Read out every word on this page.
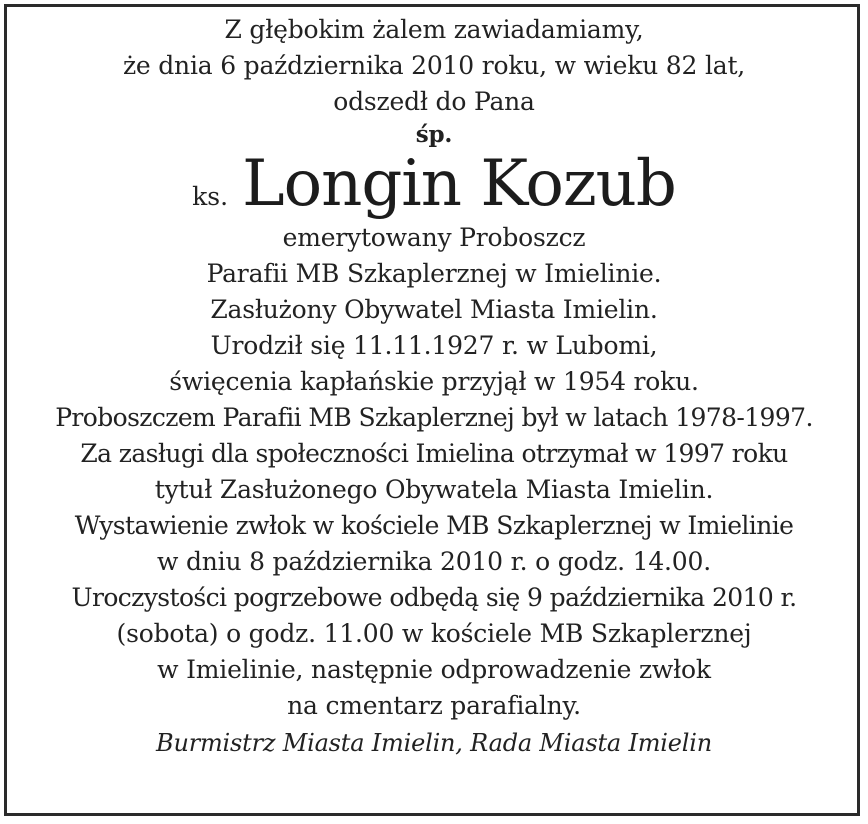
Z głębokim żalem zawiadamiamy,
że dnia 6 października 2010 roku, w wieku 82 lat,
odszedł do Pana
śp.
ks. Longin Kozub
emerytowany Proboszcz
Parafii MB Szkaplerznej w Imielinie.
Zasłużony Obywatel Miasta Imielin.
Urodził się 11.11.1927 r. w Lubomi,
święcenia kapłańskie przyjął w 1954 roku.
Proboszczem Parafii MB Szkaplerznej był w latach 1978-1997.
Za zasługi dla społeczności Imielina otrzymał w 1997 roku
tytuł Zasłużonego Obywatela Miasta Imielin.
Wystawienie zwłok w kościele MB Szkaplerznej w Imielinie
w dniu 8 października 2010 r. o godz. 14.00.
Uroczystości pogrzebowe odbędą się 9 października 2010 r.
(sobota) o godz. 11.00 w kościele MB Szkaplerznej
w Imielinie, następnie odprowadzenie zwłok
na cmentarz parafialny.
Burmistrz Miasta Imielin, Rada Miasta Imielin
